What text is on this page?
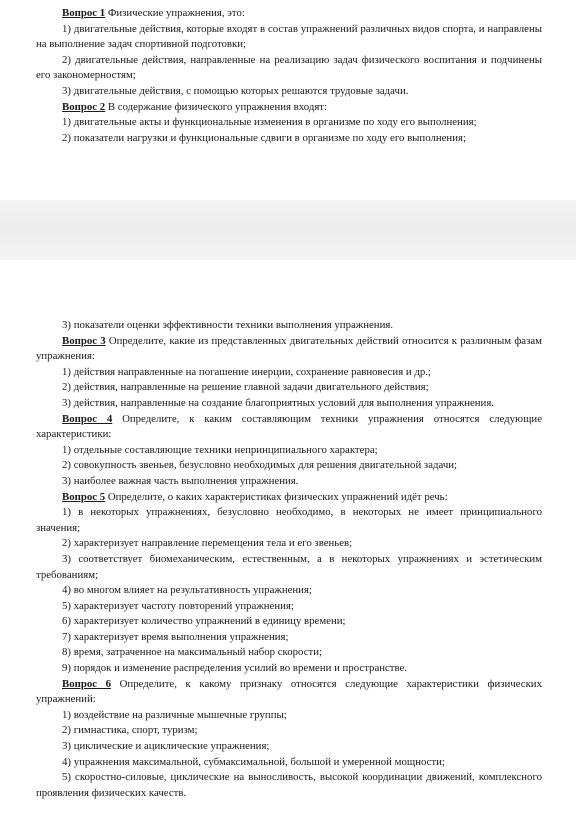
Вопрос 1 Физические упражнения, это:

1) двигательные действия, которые входят в состав упражнений различных видов спорта, и направлены на выполнение задач спортивной подготовки;

2) двигательные действия, направленные на реализацию задач физического воспитания и подчинены его закономерностям;

3) двигательные действия, с помощью которых решаются трудовые задачи.

Вопрос 2 В содержание физического упражнения входят:

1) двигательные акты и функциональные изменения в организме по ходу его выполнения;

2) показатели нагрузки и функциональные сдвиги в организме по ходу его выполнения;

3) показатели оценки эффективности техники выполнения упражнения.

Вопрос 3 Определите, какие из представленных двигательных действий относится к различным фазам упражнения:

1) действия направленные на погашение инерции, сохранение равновесия и др.;

2) действия, направленные на решение главной задачи двигательного действия;

3) действия, направленные на создание благоприятных условий для выполнения упражнения.

Вопрос 4 Определите, к каким составляющим техники упражнения относятся следующие характеристики:

1) отдельные составляющие техники непринципиального характера;

2) совокупность звеньев, безусловно необходимых для решения двигательной задачи;

3) наиболее важная часть выполнения упражнения.

Вопрос 5 Определите, о каких характеристиках физических упражнений идёт речь:

1) в некоторых упражнениях, безусловно необходимо, в некоторых не имеет принципиального значения;

2) характеризует направление перемещения тела и его звеньев;

3) соответствует биомеханическим, естественным, а в некоторых упражнениях и эстетическим требованиям;

4) во многом влияет на результативность упражнения;

5) характеризует частоту повторений упражнения;

6) характеризует количество упражнений в единицу времени;

7) характеризует время выполнения упражнения;

8) время, затраченное на максимальный набор скорости;

9) порядок и изменение распределения усилий во времени и пространстве.

Вопрос 6 Определите, к какому признаку относятся следующие характеристики физических упражнений:

1) воздействие на различные мышечные группы;

2) гимнастика, спорт, туризм;

3) циклические и ациклические упражнения;

4) упражнения максимальной, субмаксимальной, большой и умеренной мощности;

5) скоростно-силовые, циклические на выносливость, высокой координации движений, комплексного проявления физических качеств.
